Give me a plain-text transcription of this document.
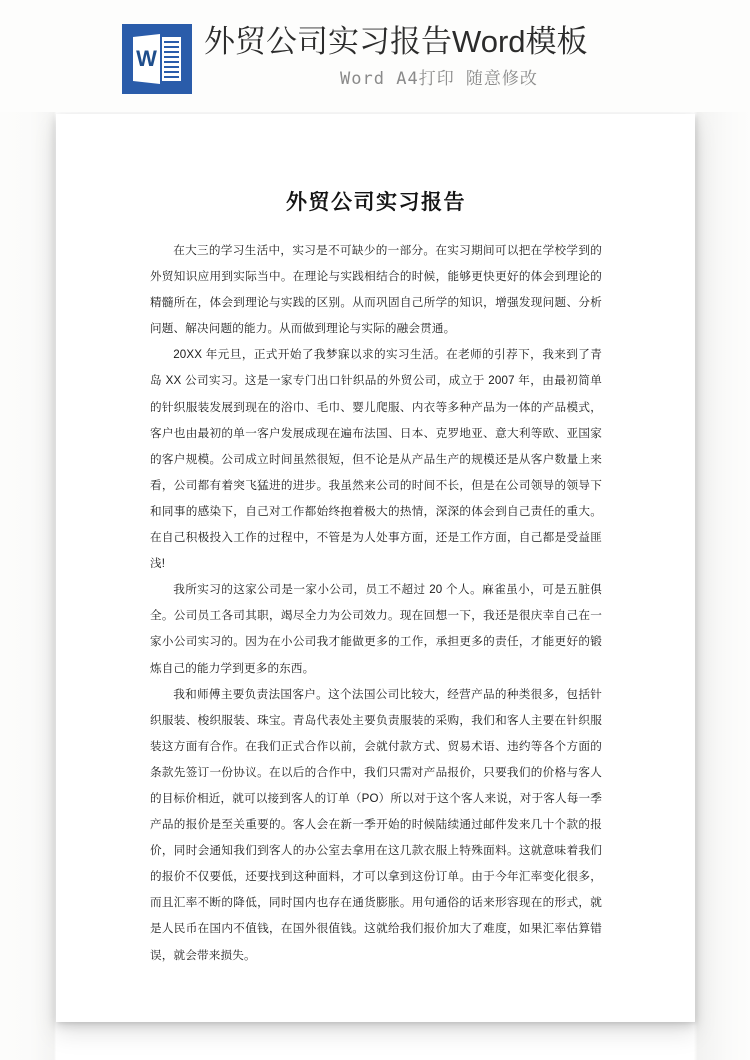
W 外贸公司实习报告Word模板
Word A4打印 随意修改
外贸公司实习报告

在大三的学习生活中，实习是不可缺少的一部分。在实习期间可以把在学校学到的外贸知识应用到实际当中。在理论与实践相结合的时候，能够更快更好的体会到理论的精髓所在，体会到理论与实践的区别。从而巩固自己所学的知识，增强发现问题、分析问题、解决问题的能力。从而做到理论与实际的融会贯通。

20XX 年元旦，正式开始了我梦寐以求的实习生活。在老师的引荐下，我来到了青岛 XX 公司实习。这是一家专门出口针织品的外贸公司，成立于 2007 年，由最初简单的针织服装发展到现在的浴巾、毛巾、婴儿爬服、内衣等多种产品为一体的产品模式，客户也由最初的单一客户发展成现在遍布法国、日本、克罗地亚、意大利等欧、亚国家的客户规模。公司成立时间虽然很短，但不论是从产品生产的规模还是从客户数量上来看，公司都有着突飞猛进的进步。我虽然来公司的时间不长，但是在公司领导的领导下和同事的感染下，自己对工作都始终抱着极大的热情，深深的体会到自己责任的重大。在自己积极投入工作的过程中，不管是为人处事方面，还是工作方面，自己都是受益匪浅!

我所实习的这家公司是一家小公司，员工不超过 20 个人。麻雀虽小，可是五脏俱全。公司员工各司其职，竭尽全力为公司效力。现在回想一下，我还是很庆幸自己在一家小公司实习的。因为在小公司我才能做更多的工作，承担更多的责任，才能更好的锻炼自己的能力学到更多的东西。

我和师傅主要负责法国客户。这个法国公司比较大，经营产品的种类很多，包括针织服装、梭织服装、珠宝。青岛代表处主要负责服装的采购，我们和客人主要在针织服装这方面有合作。在我们正式合作以前，会就付款方式、贸易术语、违约等各个方面的条款先签订一份协议。在以后的合作中，我们只需对产品报价，只要我们的价格与客人的目标价相近，就可以接到客人的订单（PO）所以对于这个客人来说，对于客人每一季产品的报价是至关重要的。客人会在新一季开始的时候陆续通过邮件发来几十个款的报价，同时会通知我们到客人的办公室去拿用在这几款衣服上特殊面料。这就意味着我们的报价不仅要低，还要找到这种面料，才可以拿到这份订单。由于今年汇率变化很多，而且汇率不断的降低，同时国内也存在通货膨胀。用句通俗的话来形容现在的形式，就是人民币在国内不值钱，在国外很值钱。这就给我们报价加大了难度，如果汇率估算错误，就会带来损失。
